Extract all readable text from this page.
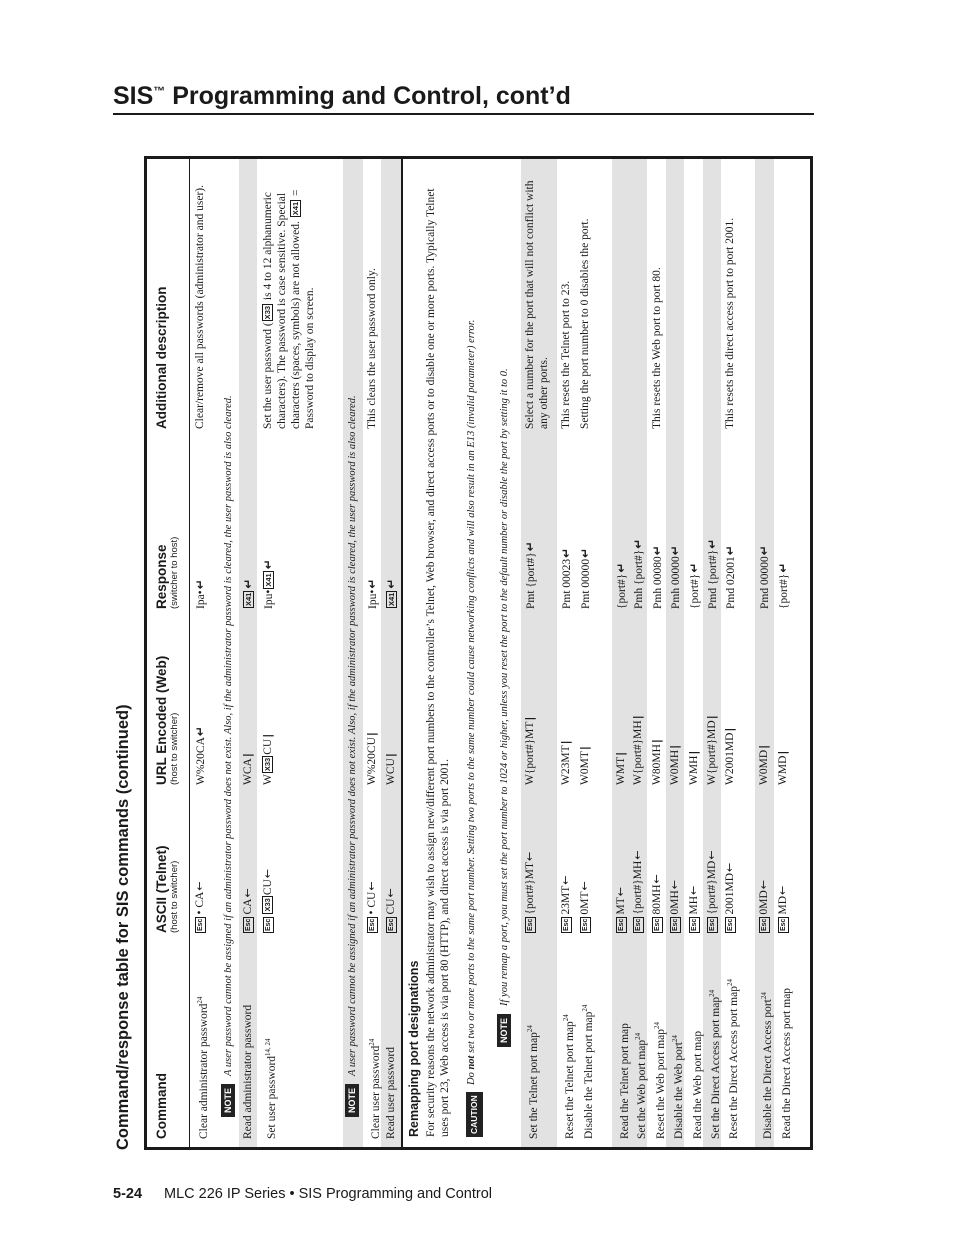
SIS™ Programming and Control, cont’d
Command/response table for SIS commands (continued)	Command
ASCII (Telnet) (host to switcher)
URL Encoded (Web) (host to switcher)
Response (switcher to host)
Additional description
Clear administrator password$^{24}$
Esc• CA←
W%20CA↵
Ipa•↵
Clear/remove all passwords (administrator and user).
NOTEA user password cannot be assigned if an administrator password does not exist. Also, if the administrator password is cleared, the user password is also cleared. Read administrator password
EscCA←
WCA|
X41↵
Set user password$^{14, 24}$
EscX33CU←
WX33CU|
Ipu•X41↵
Set the user password (X33 is 4 to 12 alphanumeric characters). The password is case sensitive. Special characters (spaces, symbols) are not allowed. X41 = Password to display on screen.
NOTEA user password cannot be assigned if an administrator password does not exist. Also, if the administrator password is cleared, the user password is also cleared.
Clear user password$^{24}$
Esc• CU←
W%20CU|
Ipu•↵
This clears the user password only.
Read user password
EscCU←
WCU|
X41↵
Remapping port designations For security reasons the network administrator may wish to assign new/different port numbers to the controller’s Telnet, Web browser, and direct access ports or to disable one or more ports. Typically Telnet uses port 23, Web access is via port 80 (HTTP), and direct access is via port 2001.	CAUTION
Do not set two or more ports to the same port number. Setting two ports to the same number could cause networking conflicts and will also result in an E13 (invalid parameter) error. NOTEIf you remap a port, you must set the port number to 1024 or higher, unless you reset the port to the default number or disable the port by setting it to 0.
Set the Telnet port map$^{24}$
Esc{port#}MT←
W{port#}MT|
Pmt {port#}↵
Select a number for the port that will not conflict with any other ports.
Reset the Telnet port map$^{24}$
Esc23MT←
W23MT|
Pmt 00023↵
This resets the Telnet port to 23.
Disable the Telnet port map$^{24}$
Esc0MT←
W0MT|
Pmt 00000↵
Setting the port number to 0 disables the port.
Read the Telnet port map
EscMT←
WMT|
{port#}↵
Set the Web port map$^{24}$
Esc{port#}MH←
W{port#}MH|
Pmh {port#}↵
Reset the Web port map$^{24}$
Esc80MH←
W80MH|
Pmh 00080↵
This resets the Web port to port 80.
Disable the Web port$^{24}$
Esc0MH←
W0MH|
Pmh 00000↵
Read the Web port map
EscMH←
WMH|
{port#}↵
Set the Direct Access port map$^{24}$
Esc{port#}MD←
W{port#}MD|
Pmd {port#}↵
Reset the Direct Access port map$^{24}$
Esc2001MD←
W2001MD|
Pmd 02001↵
This resets the direct access port to port 2001.
Disable the Direct Access port$^{24}$
Esc0MD←
W0MD|
Pmd 00000↵
Read the Direct Access port map
EscMD←
WMD|
{port#}↵
5-24 MLC 226 IP Series • SIS Programming and Control
